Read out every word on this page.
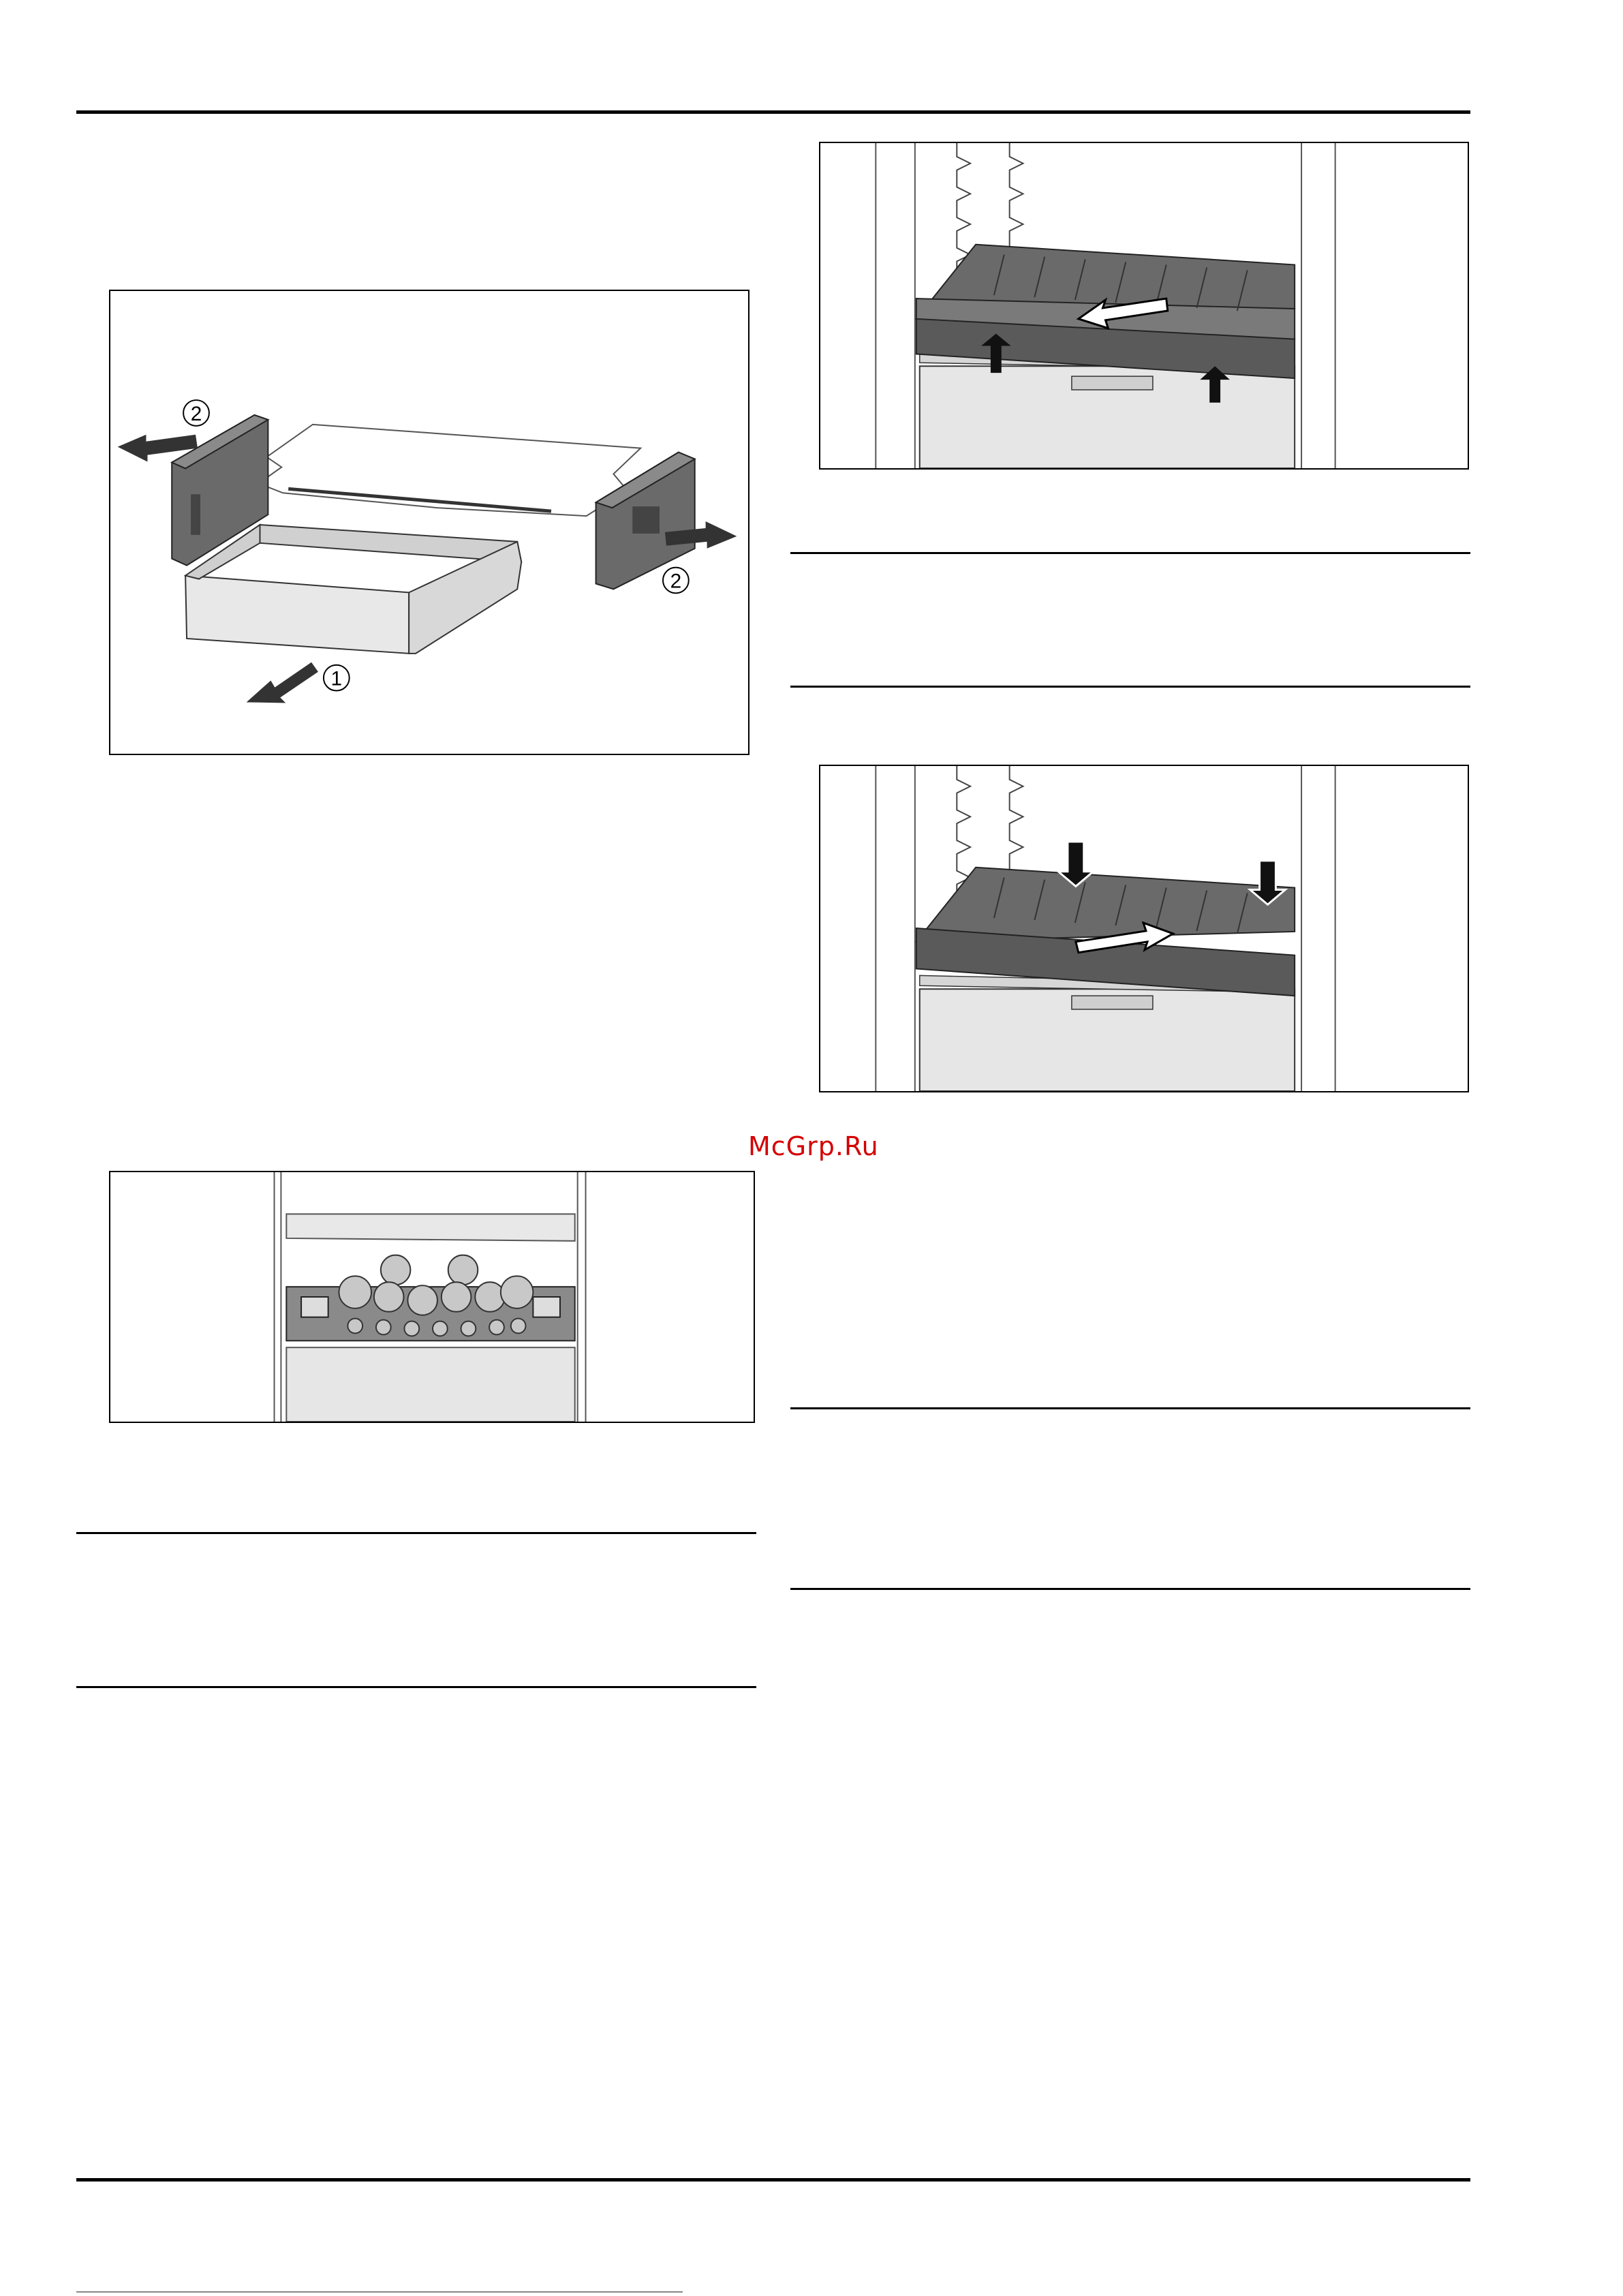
2
2
1
McGrp.Ru
